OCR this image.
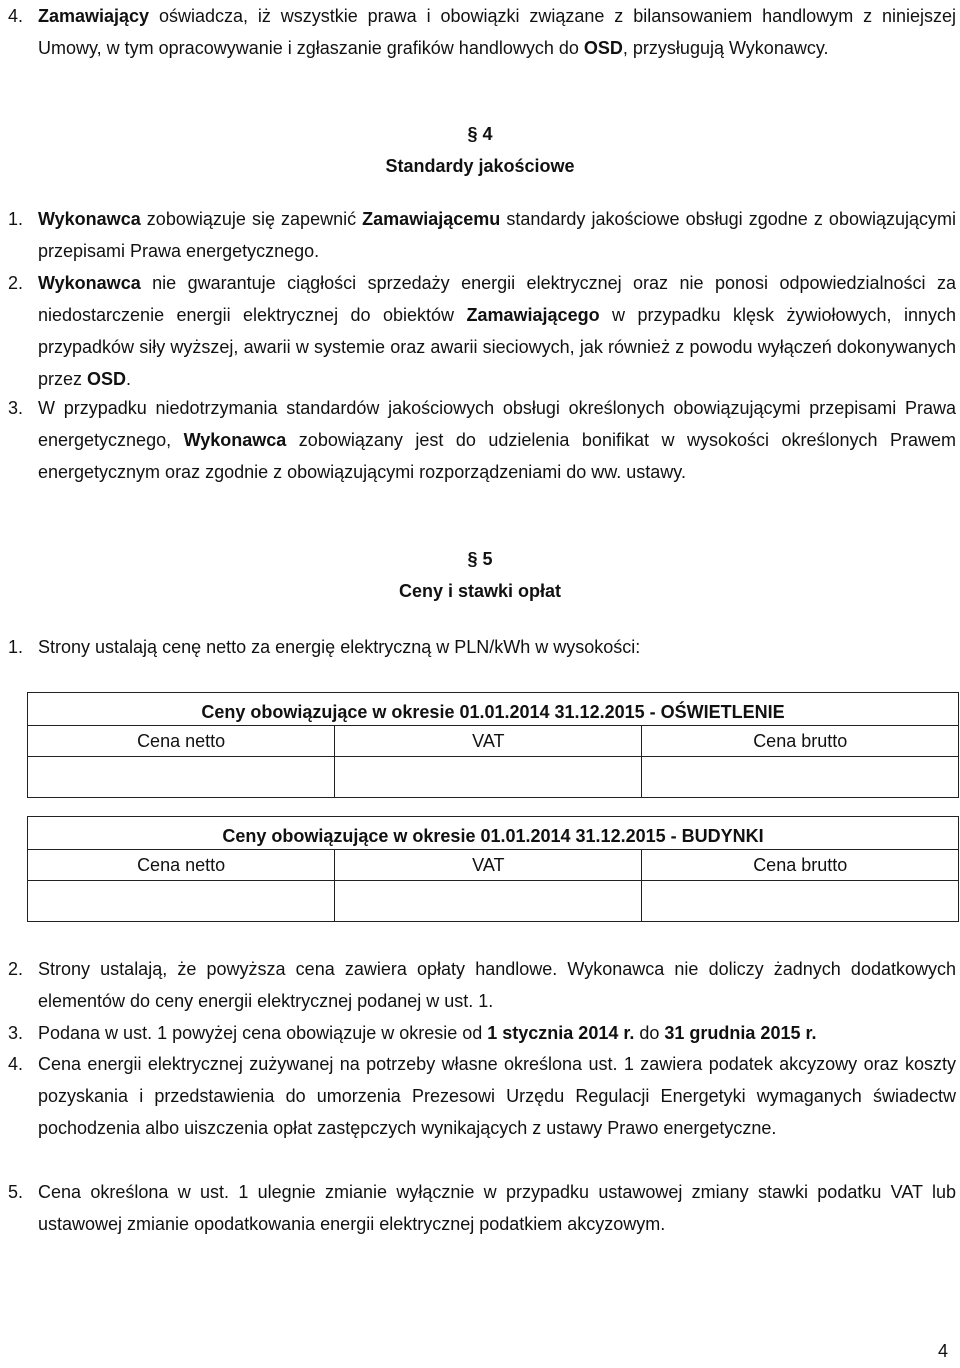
4. Zamawiający oświadcza, iż wszystkie prawa i obowiązki związane z bilansowaniem handlowym z niniejszej Umowy, w tym opracowywanie i zgłaszanie grafików handlowych do OSD, przysługują Wykonawcy.
§ 4
Standardy jakościowe
1. Wykonawca zobowiązuje się zapewnić Zamawiającemu standardy jakościowe obsługi zgodne z obowiązującymi przepisami Prawa energetycznego.
2. Wykonawca nie gwarantuje ciągłości sprzedaży energii elektrycznej oraz nie ponosi odpowiedzialności za niedostarczenie energii elektrycznej do obiektów Zamawiającego w przypadku klęsk żywiołowych, innych przypadków siły wyższej, awarii w systemie oraz awarii sieciowych, jak również z powodu wyłączeń dokonywanych przez OSD.
3. W przypadku niedotrzymania standardów jakościowych obsługi określonych obowiązującymi przepisami Prawa energetycznego, Wykonawca zobowiązany jest do udzielenia bonifikat w wysokości określonych Prawem energetycznym oraz zgodnie z obowiązującymi rozporządzeniami do ww. ustawy.
§ 5
Ceny i stawki opłat
1. Strony ustalają cenę netto za energię elektryczną w PLN/kWh w wysokości:
Ceny obowiązujące w okresie 01.01.2014 31.12.2015 - OŚWIETLENIE		
Cena netto	VAT	Cena brutto

Ceny obowiązujące w okresie 01.01.2014 31.12.2015 - BUDYNKI		
Cena netto	VAT	Cena brutto

2. Strony ustalają, że powyższa cena zawiera opłaty handlowe. Wykonawca nie doliczy żadnych dodatkowych elementów do ceny energii elektrycznej podanej w ust. 1.
3. Podana w ust. 1 powyżej cena obowiązuje w okresie od 1 stycznia 2014 r. do 31 grudnia 2015 r.
4. Cena energii elektrycznej zużywanej na potrzeby własne określona ust. 1 zawiera podatek akcyzowy oraz koszty pozyskania i przedstawienia do umorzenia Prezesowi Urzędu Regulacji Energetyki wymaganych świadectw pochodzenia albo uiszczenia opłat zastępczych wynikających z ustawy Prawo energetyczne.
5. Cena określona w ust. 1 ulegnie zmianie wyłącznie w przypadku ustawowej zmiany stawki podatku VAT lub ustawowej zmianie opodatkowania energii elektrycznej podatkiem akcyzowym.
4
